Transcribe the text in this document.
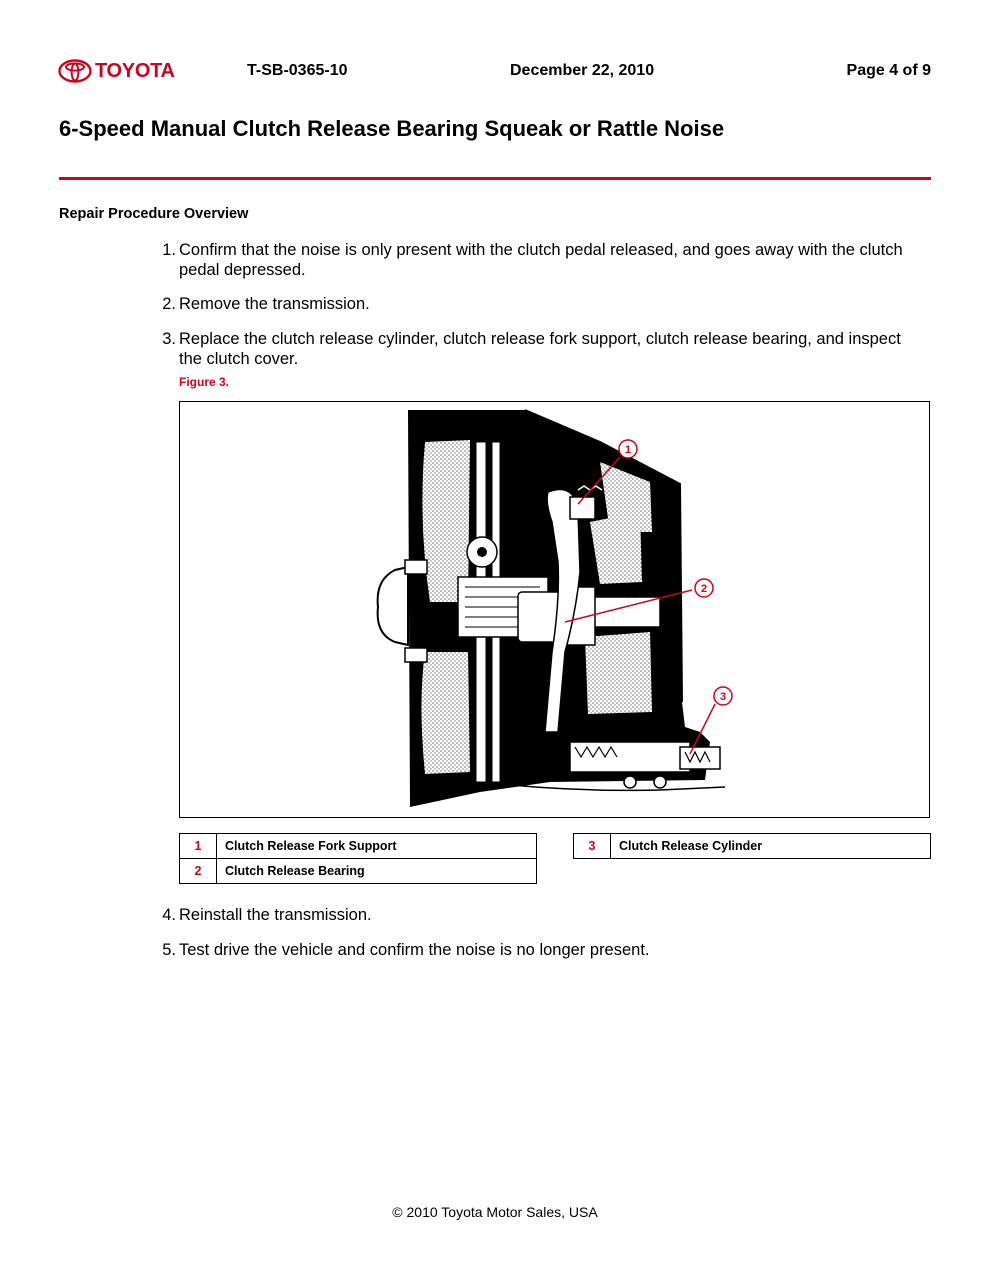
TOYOTA	T-SB-0365-10	December 22, 2010	Page 4 of 9
6-Speed Manual Clutch Release Bearing Squeak or Rattle Noise
Repair Procedure Overview
1. Confirm that the noise is only present with the clutch pedal released, and goes away with the clutch pedal depressed.
2. Remove the transmission.
3. Replace the clutch release cylinder, clutch release fork support, clutch release bearing, and inspect the clutch cover.
Figure 3.
1
2
3
1	Clutch Release Fork Support
2	Clutch Release Bearing
3	Clutch Release Cylinder
4. Reinstall the transmission.
5. Test drive the vehicle and confirm the noise is no longer present.
© 2010 Toyota Motor Sales, USA
